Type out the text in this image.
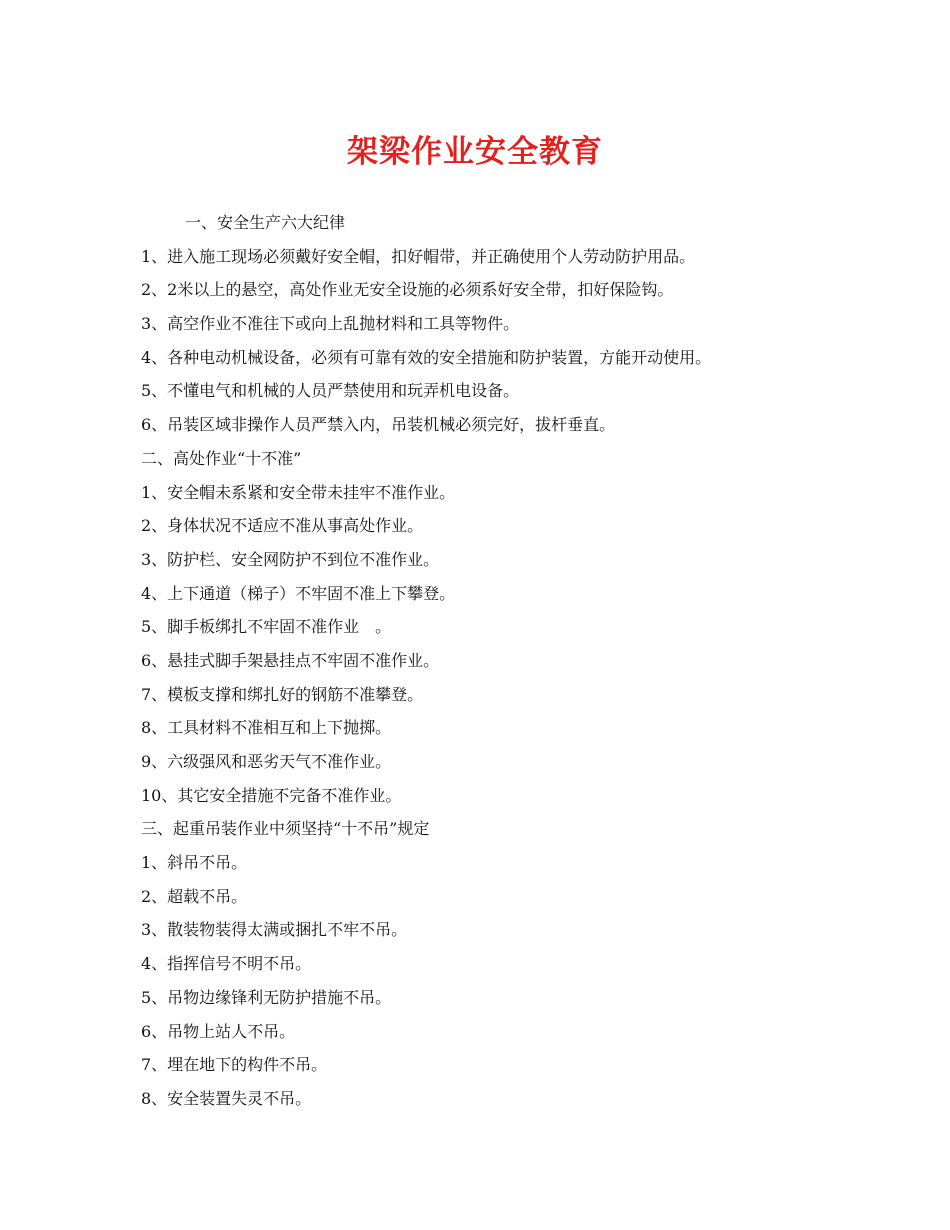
架梁作业安全教育

一、安全生产六大纪律

1、进入施工现场必须戴好安全帽，扣好帽带，并正确使用个人劳动防护用品。

2、2米以上的悬空，高处作业无安全设施的必须系好安全带，扣好保险钩。

3、高空作业不准往下或向上乱抛材料和工具等物件。

4、各种电动机械设备，必须有可靠有效的安全措施和防护装置，方能开动使用。

5、不懂电气和机械的人员严禁使用和玩弄机电设备。

6、吊装区域非操作人员严禁入内，吊装机械必须完好，拔杆垂直。

二、高处作业“十不准”

1、安全帽未系紧和安全带未挂牢不准作业。

2、身体状况不适应不准从事高处作业。

3、防护栏、安全网防护不到位不准作业。

4、上下通道（梯子）不牢固不准上下攀登。

5、脚手板绑扎不牢固不准作业　。

6、悬挂式脚手架悬挂点不牢固不准作业。

7、模板支撑和绑扎好的钢筋不准攀登。

8、工具材料不准相互和上下抛掷。

9、六级强风和恶劣天气不准作业。

10、其它安全措施不完备不准作业。

三、起重吊装作业中须坚持“十不吊”规定

1、斜吊不吊。

2、超载不吊。

3、散装物装得太满或捆扎不牢不吊。

4、指挥信号不明不吊。

5、吊物边缘锋利无防护措施不吊。

6、吊物上站人不吊。

7、埋在地下的构件不吊。

8、安全装置失灵不吊。
